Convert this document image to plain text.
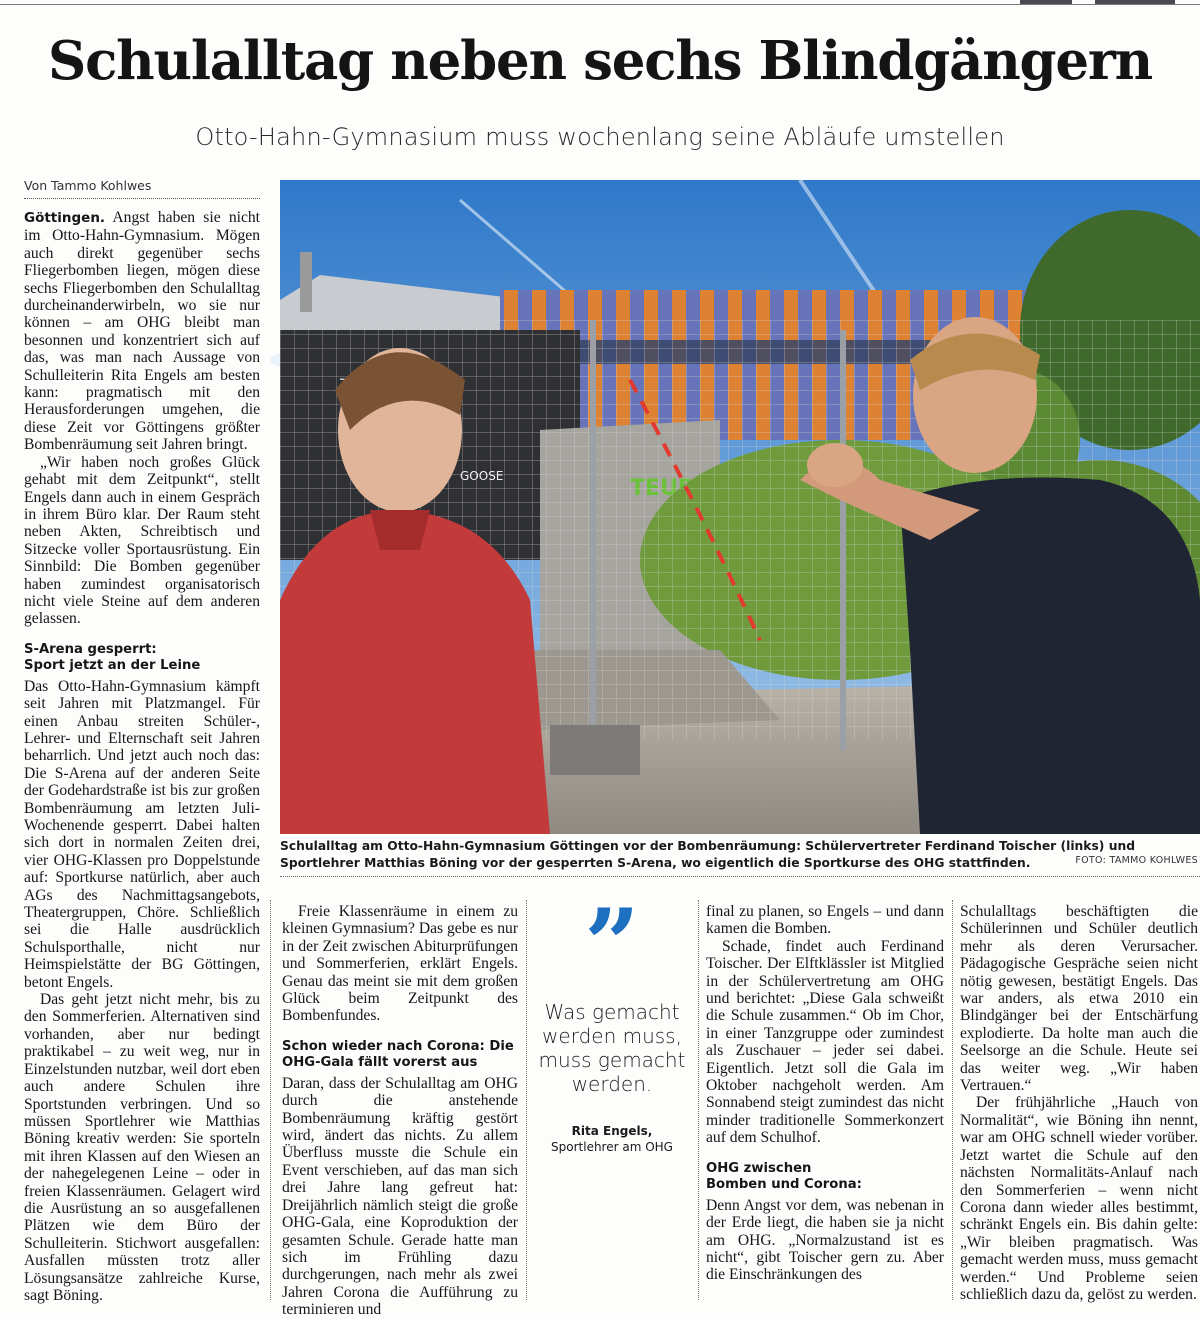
Schulalltag neben sechs Blindgängern
Otto-Hahn-Gymnasium muss wochenlang seine Abläufe umstellen
Von Tammo Kohlwes

Göttingen. Angst haben sie nicht im Otto-Hahn-Gymnasium. Mögen auch direkt gegenüber sechs Fliegerbomben liegen, mögen diese sechs Fliegerbomben den Schulalltag durcheinanderwirbeln, wo sie nur können – am OHG bleibt man besonnen und konzentriert sich auf das, was man nach Aussage von Schulleiterin Rita Engels am besten kann: pragmatisch mit den Herausforderungen umgehen, die diese Zeit vor Göttingens größter Bombenräumung seit Jahren bringt.

„Wir haben noch großes Glück gehabt mit dem Zeitpunkt“, stellt Engels dann auch in einem Gespräch in ihrem Büro klar. Der Raum steht neben Akten, Schreibtisch und Sitzecke voller Sportausrüstung. Ein Sinnbild: Die Bomben gegenüber haben zumindest organisatorisch nicht viele Steine auf dem anderen gelassen.

S-Arena gesperrt:
Sport jetzt an der Leine

Das Otto-Hahn-Gymnasium kämpft seit Jahren mit Platzmangel. Für einen Anbau streiten Schüler-, Lehrer- und Elternschaft seit Jahren beharrlich. Und jetzt auch noch das: Die S-Arena auf der anderen Seite der Godehardstraße ist bis zur großen Bombenräumung am letzten Juli-Wochenende gesperrt. Dabei halten sich dort in normalen Zeiten drei, vier OHG-Klassen pro Doppelstunde auf: Sportkurse natürlich, aber auch AGs des Nachmittagsangebots, Theatergruppen, Chöre. Schließlich sei die Halle ausdrücklich Schulsporthalle, nicht nur Heimspielstätte der BG Göttingen, betont Engels.

Das geht jetzt nicht mehr, bis zu den Sommerferien. Alternativen sind vorhanden, aber nur bedingt praktikabel – zu weit weg, nur in Einzelstunden nutzbar, weil dort eben auch andere Schulen ihre Sportstunden verbringen. Und so müssen Sportlehrer wie Matthias Böning kreativ werden: Sie sporteln mit ihren Klassen auf den Wiesen an der nahegelegenen Leine – oder in freien Klassenräumen. Gelagert wird die Ausrüstung an so ausgefallenen Plätzen wie dem Büro der Schulleiterin. Stichwort ausgefallen: Ausfallen müssten trotz aller Lösungsansätze zahlreiche Kurse, sagt Böning.

Schulalltag am Otto-Hahn-Gymnasium Göttingen vor der Bombenräumung: Schülervertreter Ferdinand Toischer (links) und Sportlehrer Matthias Böning vor der gesperrten S-Arena, wo eigentlich die Sportkurse des OHG stattfinden.	FOTO: TAMMO KOHLWES

Freie Klassenräume in einem zu kleinen Gymnasium? Das gebe es nur in der Zeit zwischen Abiturprüfungen und Sommerferien, erklärt Engels. Genau das meint sie mit dem großen Glück beim Zeitpunkt des Bombenfundes.

Schon wieder nach Corona: Die
OHG-Gala fällt vorerst aus

Daran, dass der Schulalltag am OHG durch die anstehende Bombenräumung kräftig gestört wird, ändert das nichts. Zu allem Überfluss musste die Schule ein Event verschieben, auf das man sich drei Jahre lang gefreut hat: Dreijährlich nämlich steigt die große OHG-Gala, eine Koproduktion der gesamten Schule. Gerade hatte man sich im Frühling dazu durchgerungen, nach mehr als zwei Jahren Corona die Aufführung zu terminieren und

”
Was gemacht werden muss, muss gemacht werden.
Rita Engels,
Sportlehrer am OHG

final zu planen, so Engels – und dann kamen die Bomben.

Schade, findet auch Ferdinand Toischer. Der Elftklässler ist Mitglied in der Schülervertretung am OHG und berichtet: „Diese Gala schweißt die Schule zusammen.“ Ob im Chor, in einer Tanzgruppe oder zumindest als Zuschauer – jeder sei dabei. Eigentlich. Jetzt soll die Gala im Oktober nachgeholt werden. Am Sonnabend steigt zumindest das nicht minder traditionelle Sommerkonzert auf dem Schulhof.

OHG zwischen
Bomben und Corona:

Denn Angst vor dem, was nebenan in der Erde liegt, die haben sie ja nicht am OHG. „Normalzustand ist es nicht“, gibt Toischer gern zu. Aber die Einschränkungen des

Schulalltags beschäftigten die Schülerinnen und Schüler deutlich mehr als deren Verursacher. Pädagogische Gespräche seien nicht nötig gewesen, bestätigt Engels. Das war anders, als etwa 2010 ein Blindgänger bei der Entschärfung explodierte. Da holte man auch die Seelsorge an die Schule. Heute sei das weiter weg. „Wir haben Vertrauen.“

Der frühjährliche „Hauch von Normalität“, wie Böning ihn nennt, war am OHG schnell wieder vorüber. Jetzt wartet die Schule auf den nächsten Normalitäts-Anlauf nach den Sommerferien – wenn nicht Corona dann wieder alles bestimmt, schränkt Engels ein. Bis dahin gelte: „Wir bleiben pragmatisch. Was gemacht werden muss, muss gemacht werden.“ Und Probleme seien schließlich dazu da, gelöst zu werden.
